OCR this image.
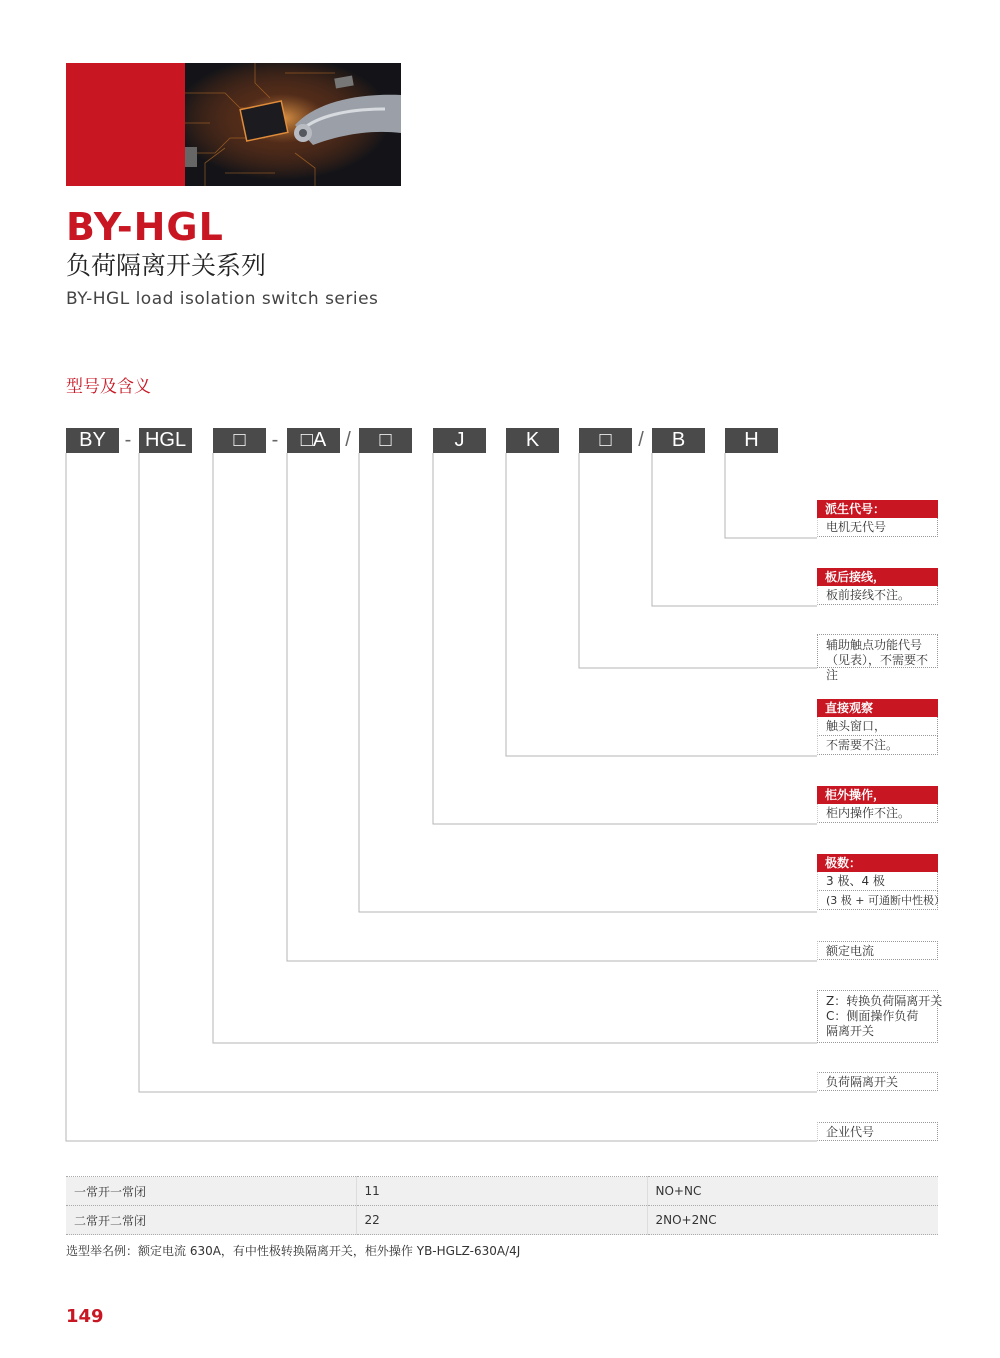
BY-HGL
负荷隔离开关系列
BY-HGL load isolation switch series
型号及含义
BY - HGL	□	-	□A /	□	J	K	□	/	B	H
派生代号：
电机无代号
板后接线，
板前接线不注。
辅助触点功能代号
（见表），不需要不注
直接观察
触头窗口，
不需要不注。
柜外操作，
柜内操作不注。
极数：
3 极、4 极
(3 极 + 可通断中性极）
额定电流
Z：转换负荷隔离开关
C：侧面操作负荷
隔离开关
负荷隔离开关
企业代号
一常开一常闭	11	NO+NC
二常开二常闭	22	2NO+2NC
选型举名例：额定电流 630A，有中性极转换隔离开关，柜外操作 YB-HGLZ-630A/4J
149
